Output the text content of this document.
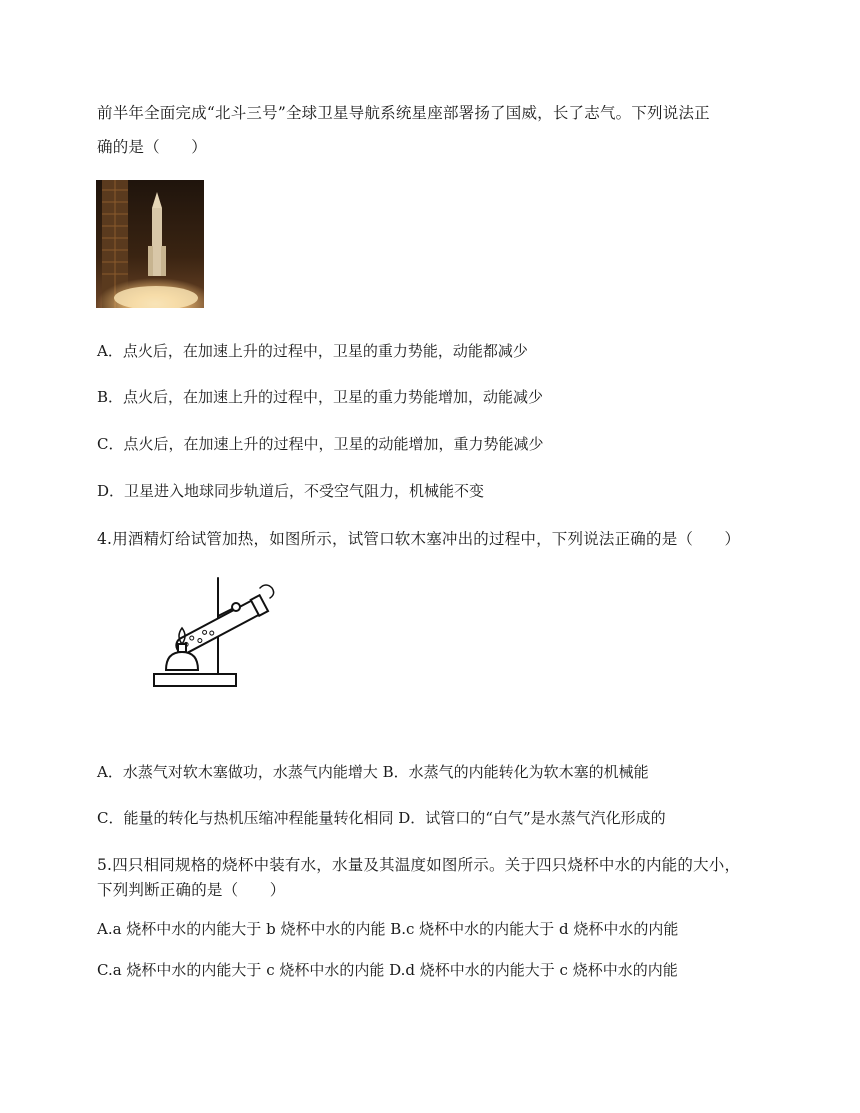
前半年全面完成“北斗三号”全球卫星导航系统星座部署扬了国威，长了志气。下列说法正
确的是（　　）
A．点火后，在加速上升的过程中，卫星的重力势能，动能都减少
B．点火后，在加速上升的过程中，卫星的重力势能增加，动能减少
C．点火后，在加速上升的过程中，卫星的动能增加，重力势能减少
D．卫星进入地球同步轨道后，不受空气阻力，机械能不变
4.用酒精灯给试管加热，如图所示，试管口软木塞冲出的过程中，下列说法正确的是（　　）
A．水蒸气对软木塞做功，水蒸气内能增大 B．水蒸气的内能转化为软木塞的机械能
C．能量的转化与热机压缩冲程能量转化相同 D．试管口的“白气”是水蒸气汽化形成的
5.四只相同规格的烧杯中装有水，水量及其温度如图所示。关于四只烧杯中水的内能的大小，
下列判断正确的是（　　）
A.a 烧杯中水的内能大于 b 烧杯中水的内能 B.c 烧杯中水的内能大于 d 烧杯中水的内能
C.a 烧杯中水的内能大于 c 烧杯中水的内能 D.d 烧杯中水的内能大于 c 烧杯中水的内能
